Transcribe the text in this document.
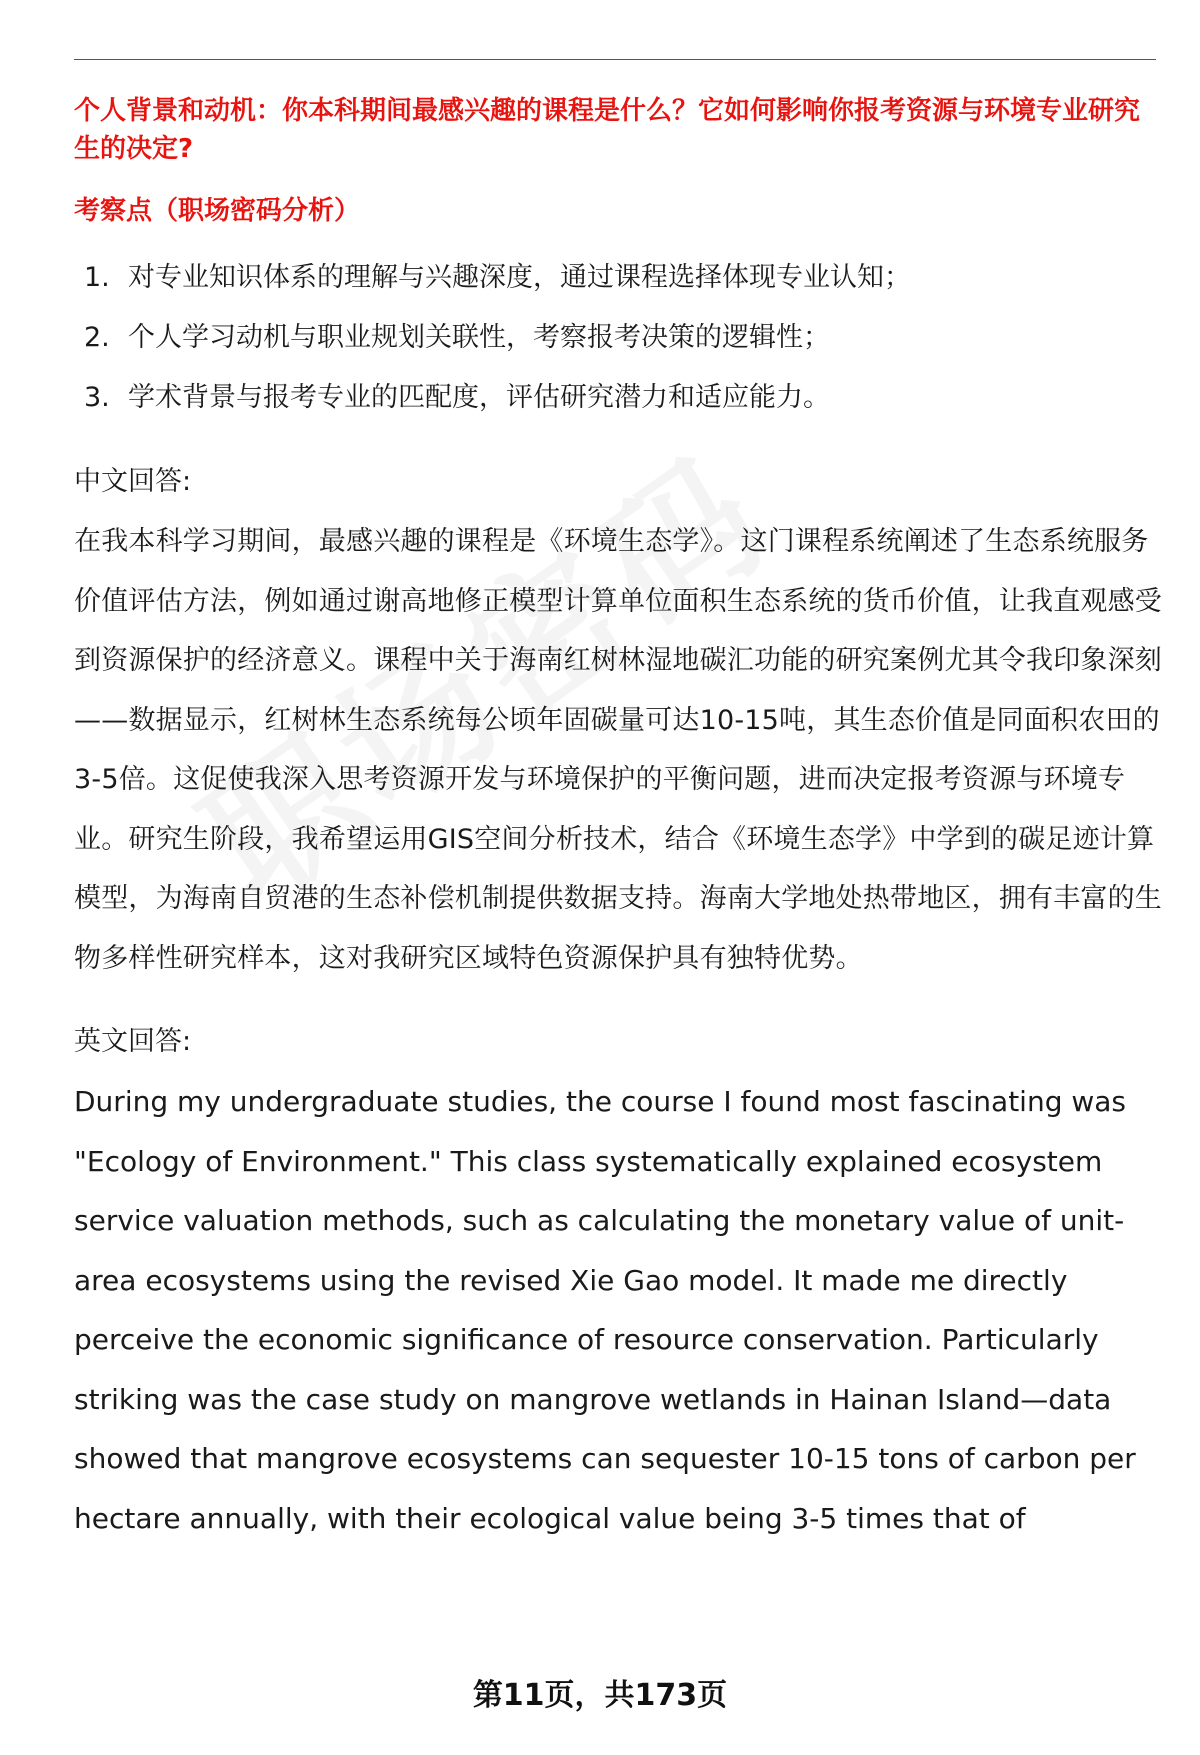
个人背景和动机：你本科期间最感兴趣的课程是什么？它如何影响你报考资源与环境专业研究生的决定?

考察点（职场密码分析）

1. 对专业知识体系的理解与兴趣深度，通过课程选择体现专业认知；
2. 个人学习动机与职业规划关联性，考察报考决策的逻辑性；
3. 学术背景与报考专业的匹配度，评估研究潜力和适应能力。
中文回答:

在我本科学习期间，最感兴趣的课程是《环境生态学》。这门课程系统阐述了生态系统服务价值评估方法，例如通过谢高地修正模型计算单位面积生态系统的货币价值，让我直观感受到资源保护的经济意义。课程中关于海南红树林湿地碳汇功能的研究案例尤其令我印象深刻——数据显示，红树林生态系统每公顷年固碳量可达10-15吨，其生态价值是同面积农田的3-5倍。这促使我深入思考资源开发与环境保护的平衡问题，进而决定报考资源与环境专业。研究生阶段，我希望运用GIS空间分析技术，结合《环境生态学》中学到的碳足迹计算模型，为海南自贸港的生态补偿机制提供数据支持。海南大学地处热带地区，拥有丰富的生物多样性研究样本，这对我研究区域特色资源保护具有独特优势。

英文回答:

During my undergraduate studies, the course I found most fascinating was "Ecology of Environment." This class systematically explained ecosystem service valuation methods, such as calculating the monetary value of unit-area ecosystems using the revised Xie Gao model. It made me directly perceive the economic significance of resource conservation. Particularly striking was the case study on mangrove wetlands in Hainan Island—data showed that mangrove ecosystems can sequester 10-15 tons of carbon per hectare annually, with their ecological value being 3-5 times that of

第11页，共173页
